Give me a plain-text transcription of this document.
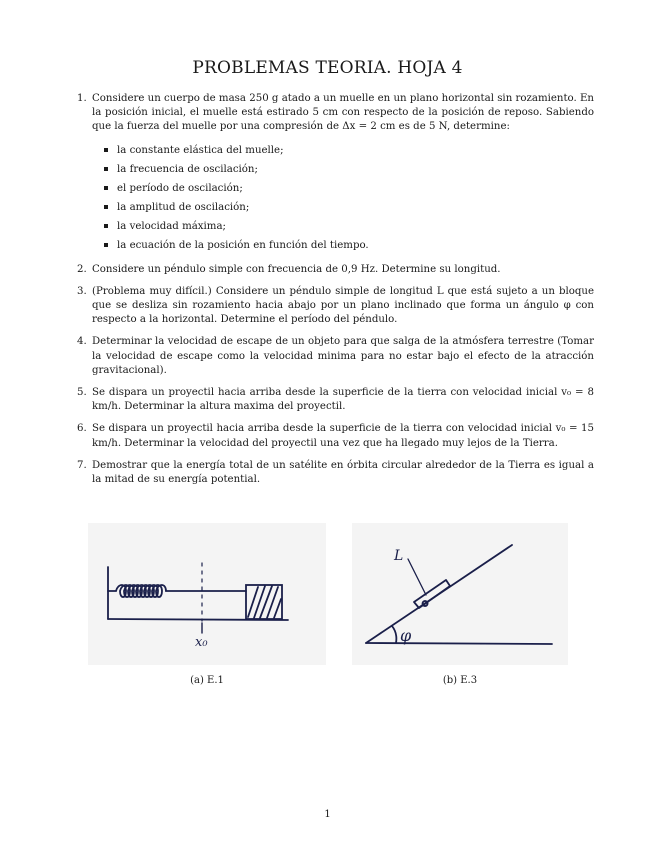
PROBLEMAS TEORIA. HOJA 4
1. Considere un cuerpo de masa 250 g atado a un muelle en un plano horizontal sin rozamiento. En la posición inicial, el muelle está estirado 5 cm con respecto de la posición de reposo. Sabiendo que la fuerza del muelle por una compresión de Δx = 2 cm es de 5 N, determine:
la constante elástica del muelle;
la frecuencia de oscilación;
el período de oscilación;
la amplitud de oscilación;
la velocidad máxima;
la ecuación de la posición en función del tiempo.
2. Considere un péndulo simple con frecuencia de 0,9 Hz. Determine su longitud.
3. (Problema muy difícil.) Considere un péndulo simple de longitud L que está sujeto a un bloque que se desliza sin rozamiento hacia abajo por un plano inclinado que forma un ángulo φ con respecto a la horizontal. Determine el período del péndulo.
4. Determinar la velocidad de escape de un objeto para que salga de la atmósfera terrestre (Tomar la velocidad de escape como la velocidad minima para no estar bajo el efecto de la atracción gravitacional).
5. Se dispara un proyectil hacia arriba desde la superficie de la tierra con velocidad inicial v₀ = 8 km/h. Determinar la altura maxima del proyectil.
6. Se dispara un proyectil hacia arriba desde la superficie de la tierra con velocidad inicial v₀ = 15 km/h. Determinar la velocidad del proyectil una vez que ha llegado muy lejos de la Tierra.
7. Demostrar que la energía total de un satélite en órbita circular alrededor de la Tierra es igual a la mitad de su energía potential.
x₀
(a) E.1
L
φ
(b) E.3
1
